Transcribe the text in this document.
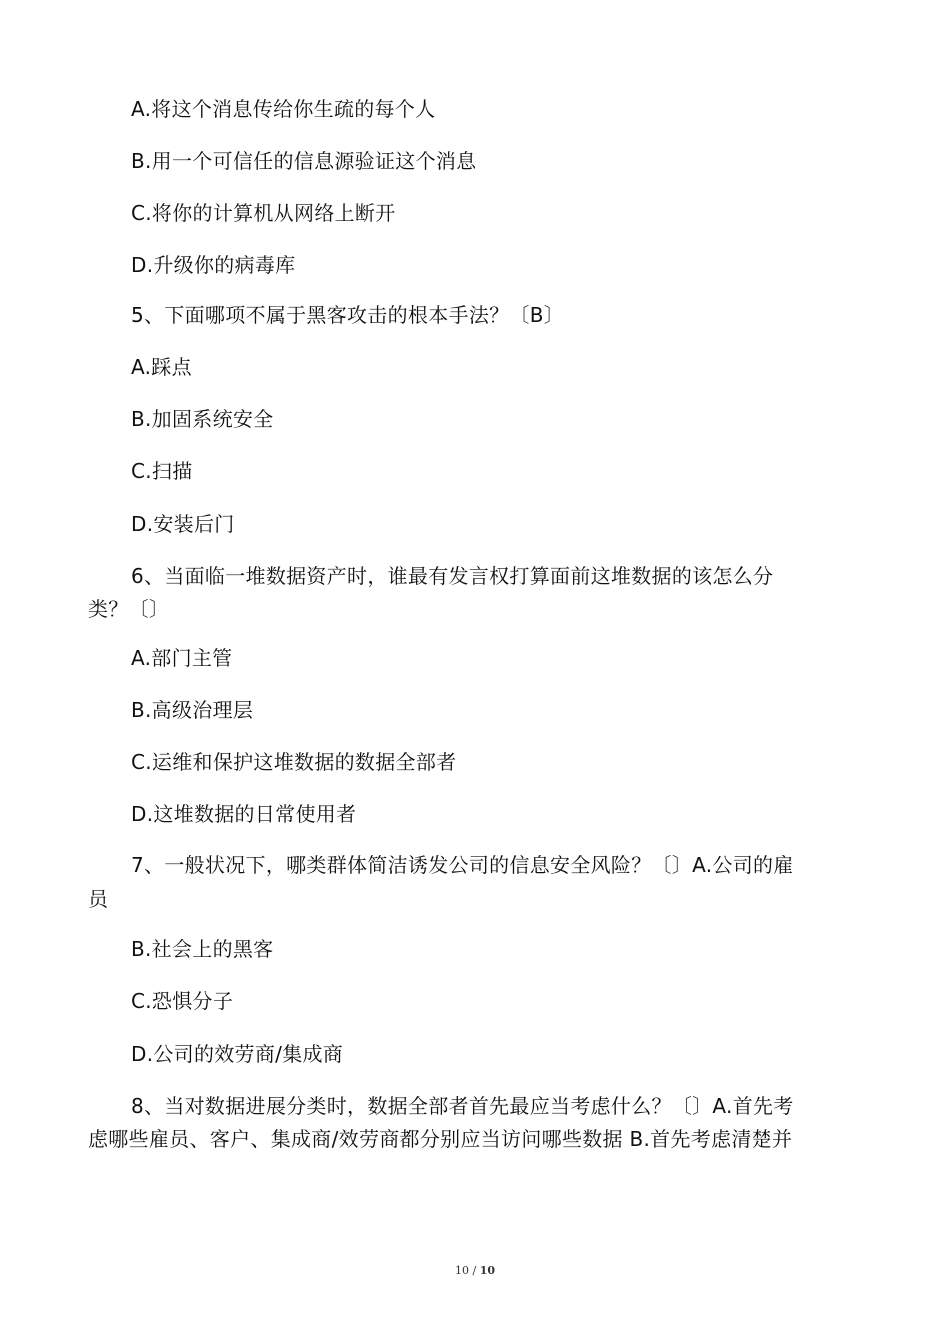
A.将这个消息传给你生疏的每个人
B.用一个可信任的信息源验证这个消息
C.将你的计算机从网络上断开
D.升级你的病毒库
5、下面哪项不属于黑客攻击的根本手法？〔B〕
A.踩点
B.加固系统安全
C.扫描
D.安装后门
6、当面临一堆数据资产时，谁最有发言权打算面前这堆数据的该怎么分
类？〔〕
A.部门主管
B.高级治理层
C.运维和保护这堆数据的数据全部者
D.这堆数据的日常使用者
7、一般状况下，哪类群体简洁诱发公司的信息安全风险？〔〕A.公司的雇
员
B.社会上的黑客
C.恐惧分子
D.公司的效劳商/集成商
8、当对数据进展分类时，数据全部者首先最应当考虑什么？〔〕A.首先考
虑哪些雇员、客户、集成商/效劳商都分别应当访问哪些数据 B.首先考虑清楚并
10 / 10
